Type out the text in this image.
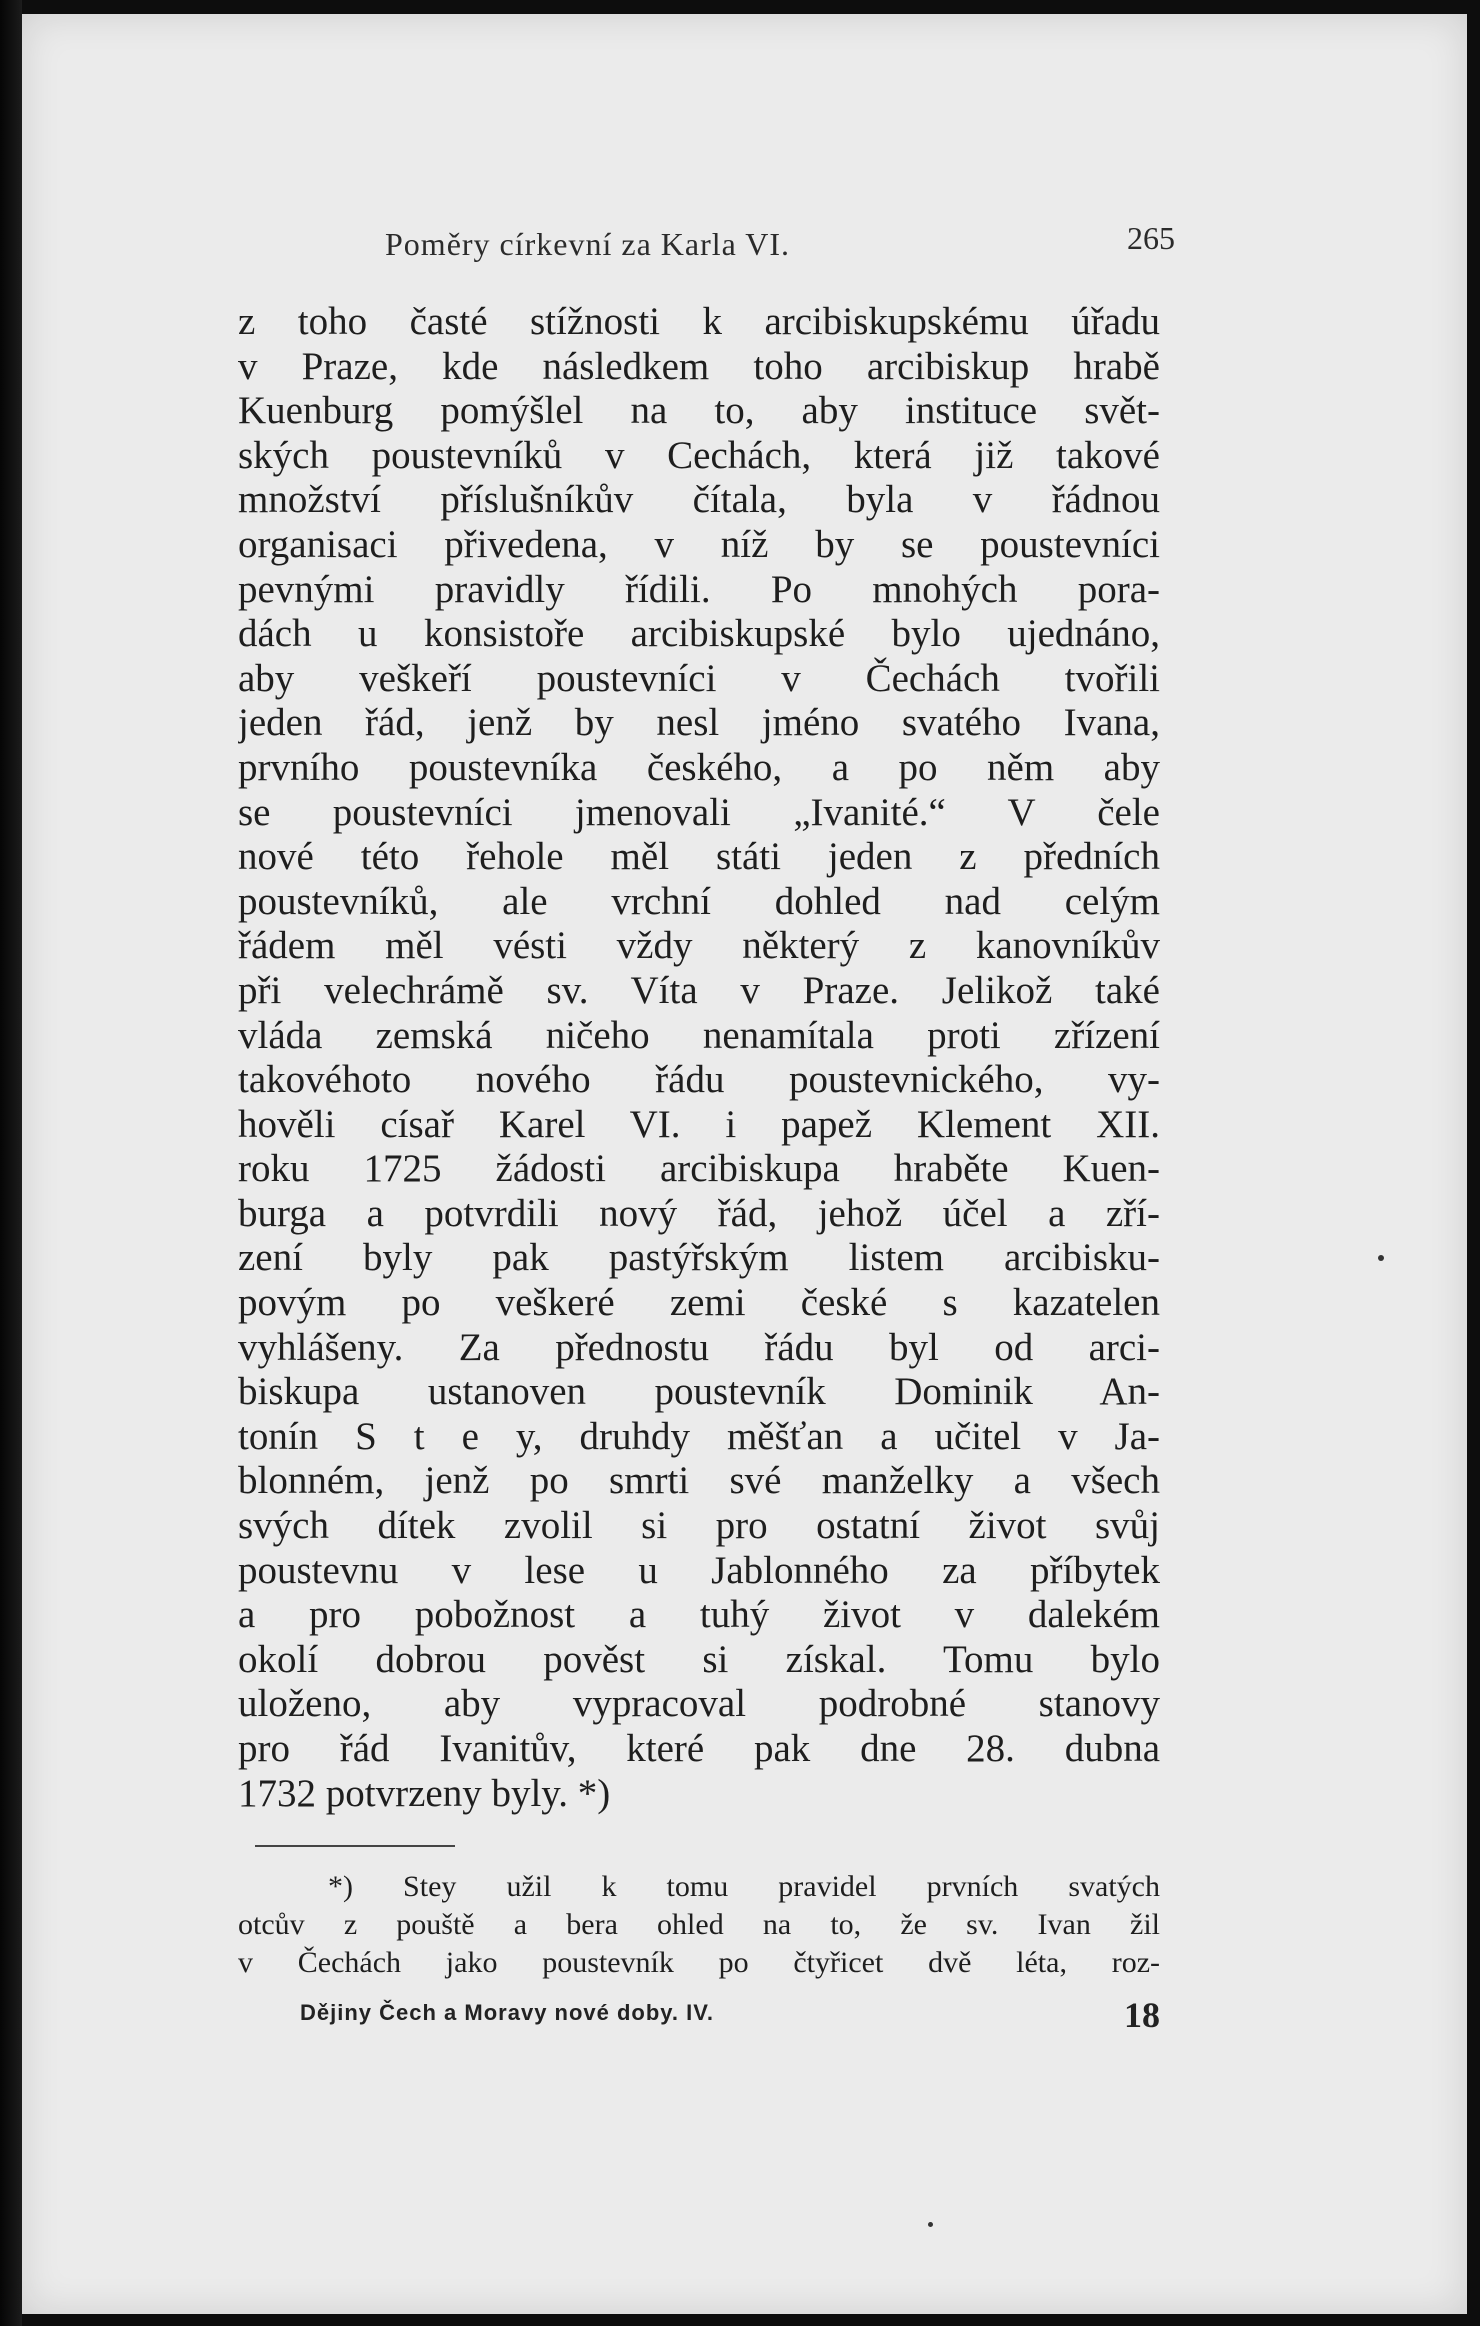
Poměry církevní za Karla VI.	265
z toho časté stížnosti k arcibiskupskému úřadu
v Praze, kde následkem toho arcibiskup hrabě
Kuenburg pomýšlel na to, aby instituce svět-
ských poustevníků v Cechách, která již takové
množství příslušníkův čítala, byla v řádnou
organisaci přivedena, v níž by se poustevníci
pevnými pravidly řídili. Po mnohých pora-
dách u konsistoře arcibiskupské bylo ujednáno,
aby veškeří poustevníci v Čechách tvořili
jeden řád, jenž by nesl jméno svatého Ivana,
prvního poustevníka českého, a po něm aby
se poustevníci jmenovali „Ivanité.“ V čele
nové této řehole měl státi jeden z předních
poustevníků, ale vrchní dohled nad celým
řádem měl vésti vždy některý z kanovníkův
při velechrámě sv. Víta v Praze. Jelikož také
vláda zemská ničeho nenamítala proti zřízení
takovéhoto nového řádu poustevnického, vy-
hověli císař Karel VI. i papež Klement XII.
roku 1725 žádosti arcibiskupa hraběte Kuen-
burga a potvrdili nový řád, jehož účel a zří-
zení byly pak pastýřským listem arcibisku-
povým po veškeré zemi české s kazatelen
vyhlášeny. Za přednostu řádu byl od arci-
biskupa ustanoven poustevník Dominik An-
tonín S t e y, druhdy měšťan a učitel v Ja-
blonném, jenž po smrti své manželky a všech
svých dítek zvolil si pro ostatní život svůj
poustevnu v lese u Jablonného za příbytek
a pro pobožnost a tuhý život v dalekém
okolí dobrou pověst si získal. Tomu bylo
uloženo, aby vypracoval podrobné stanovy
pro řád Ivanitův, které pak dne 28. dubna
1732 potvrzeny byly. *)
*) Stey užil k tomu pravidel prvních svatých
otcův z pouště a bera ohled na to, že sv. Ivan žil
v Čechách jako poustevník po čtyřicet dvě léta, roz-
Dějiny Čech a Moravy nové doby. IV.	18
